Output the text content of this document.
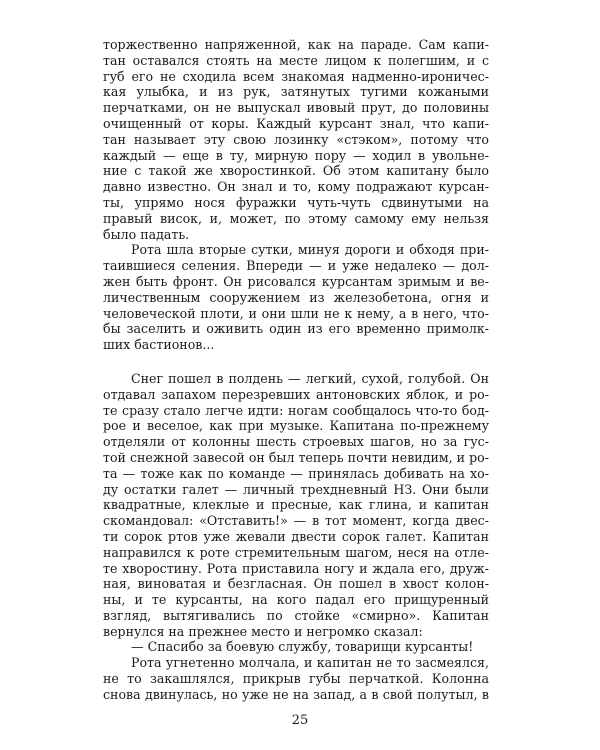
торжественно напряженной, как на параде. Сам капи-
тан оставался стоять на месте лицом к полегшим, и с
губ его не сходила всем знакомая надменно-ироничес-
кая улыбка, и из рук, затянутых тугими кожаными
перчатками, он не выпускал ивовый прут, до половины
очищенный от коры. Каждый курсант знал, что капи-
тан называет эту свою лозинку «стэком», потому что
каждый — еще в ту, мирную пору — ходил в увольне-
ние с такой же хворостинкой. Об этом капитану было
давно известно. Он знал и то, кому подражают курсан-
ты, упрямо нося фуражки чуть-чуть сдвинутыми на
правый висок, и, может, по этому самому ему нельзя
было падать.
Рота шла вторые сутки, минуя дороги и обходя при-
таившиеся селения. Впереди — и уже недалеко — дол-
жен быть фронт. Он рисовался курсантам зримым и ве-
личественным сооружением из железобетона, огня и
человеческой плоти, и они шли не к нему, а в него, что-
бы заселить и оживить один из его временно примолк-
ших бастионов...
Снег пошел в полдень — легкий, сухой, голубой. Он
отдавал запахом перезревших антоновских яблок, и ро-
те сразу стало легче идти: ногам сообщалось что-то бод-
рое и веселое, как при музыке. Капитана по-прежнему
отделяли от колонны шесть строевых шагов, но за гус-
той снежной завесой он был теперь почти невидим, и ро-
та — тоже как по команде — принялась добивать на хо-
ду остатки галет — личный трехдневный НЗ. Они были
квадратные, клеклые и пресные, как глина, и капитан
скомандовал: «Отставить!» — в тот момент, когда двес-
ти сорок ртов уже жевали двести сорок галет. Капитан
направился к роте стремительным шагом, неся на отле-
те хворостину. Рота приставила ногу и ждала его, друж-
ная, виноватая и безгласная. Он пошел в хвост колон-
ны, и те курсанты, на кого падал его прищуренный
взгляд, вытягивались по стойке «смирно». Капитан
вернулся на прежнее место и негромко сказал:
— Спасибо за боевую службу, товарищи курсанты!
Рота угнетенно молчала, и капитан не то засмеялся,
не то закашлялся, прикрыв губы перчаткой. Колонна
снова двинулась, но уже не на запад, а в свой полутыл, в
25
